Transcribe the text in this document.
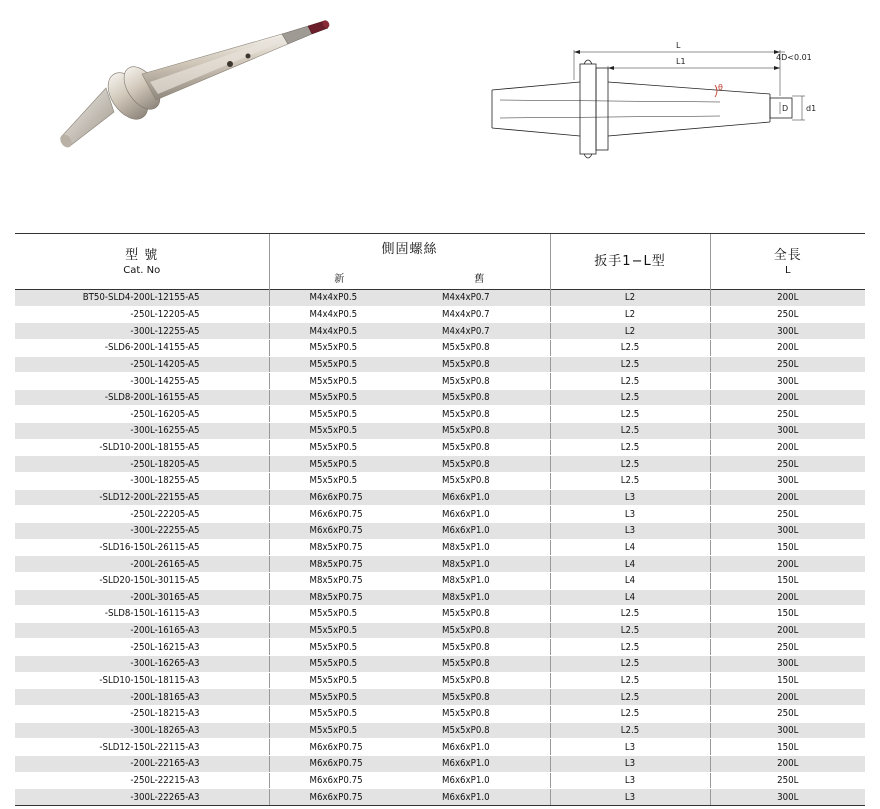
L
L1	4D<0.01
θ
D d1
型 號
Cat. No	側固螺絲		扳手1−L型	全長
L

	新	舊		
BT50-SLD4-200L-12155-A5	M4x4xP0.5	M4x4xP0.7	L2	200L
-250L-12205-A5	M4x4xP0.5	M4x4xP0.7	L2	250L
-300L-12255-A5	M4x4xP0.5	M4x4xP0.7	L2	300L
-SLD6-200L-14155-A5	M5x5xP0.5	M5x5xP0.8	L2.5	200L
-250L-14205-A5	M5x5xP0.5	M5x5xP0.8	L2.5	250L
-300L-14255-A5	M5x5xP0.5	M5x5xP0.8	L2.5	300L
-SLD8-200L-16155-A5	M5x5xP0.5	M5x5xP0.8	L2.5	200L
-250L-16205-A5	M5x5xP0.5	M5x5xP0.8	L2.5	250L
-300L-16255-A5	M5x5xP0.5	M5x5xP0.8	L2.5	300L
-SLD10-200L-18155-A5	M5x5xP0.5	M5x5xP0.8	L2.5	200L
-250L-18205-A5	M5x5xP0.5	M5x5xP0.8	L2.5	250L
-300L-18255-A5	M5x5xP0.5	M5x5xP0.8	L2.5	300L
-SLD12-200L-22155-A5	M6x6xP0.75	M6x6xP1.0	L3	200L
-250L-22205-A5	M6x6xP0.75	M6x6xP1.0	L3	250L
-300L-22255-A5	M6x6xP0.75	M6x6xP1.0	L3	300L
-SLD16-150L-26115-A5	M8x5xP0.75	M8x5xP1.0	L4	150L
-200L-26165-A5	M8x5xP0.75	M8x5xP1.0	L4	200L
-SLD20-150L-30115-A5	M8x5xP0.75	M8x5xP1.0	L4	150L
-200L-30165-A5	M8x5xP0.75	M8x5xP1.0	L4	200L
-SLD8-150L-16115-A3	M5x5xP0.5	M5x5xP0.8	L2.5	150L
-200L-16165-A3	M5x5xP0.5	M5x5xP0.8	L2.5	200L
-250L-16215-A3	M5x5xP0.5	M5x5xP0.8	L2.5	250L
-300L-16265-A3	M5x5xP0.5	M5x5xP0.8	L2.5	300L
-SLD10-150L-18115-A3	M5x5xP0.5	M5x5xP0.8	L2.5	150L
-200L-18165-A3	M5x5xP0.5	M5x5xP0.8	L2.5	200L
-250L-18215-A3	M5x5xP0.5	M5x5xP0.8	L2.5	250L
-300L-18265-A3	M5x5xP0.5	M5x5xP0.8	L2.5	300L
-SLD12-150L-22115-A3	M6x6xP0.75	M6x6xP1.0	L3	150L
-200L-22165-A3	M6x6xP0.75	M6x6xP1.0	L3	200L
-250L-22215-A3	M6x6xP0.75	M6x6xP1.0	L3	250L
-300L-22265-A3	M6x6xP0.75	M6x6xP1.0	L3	300L
